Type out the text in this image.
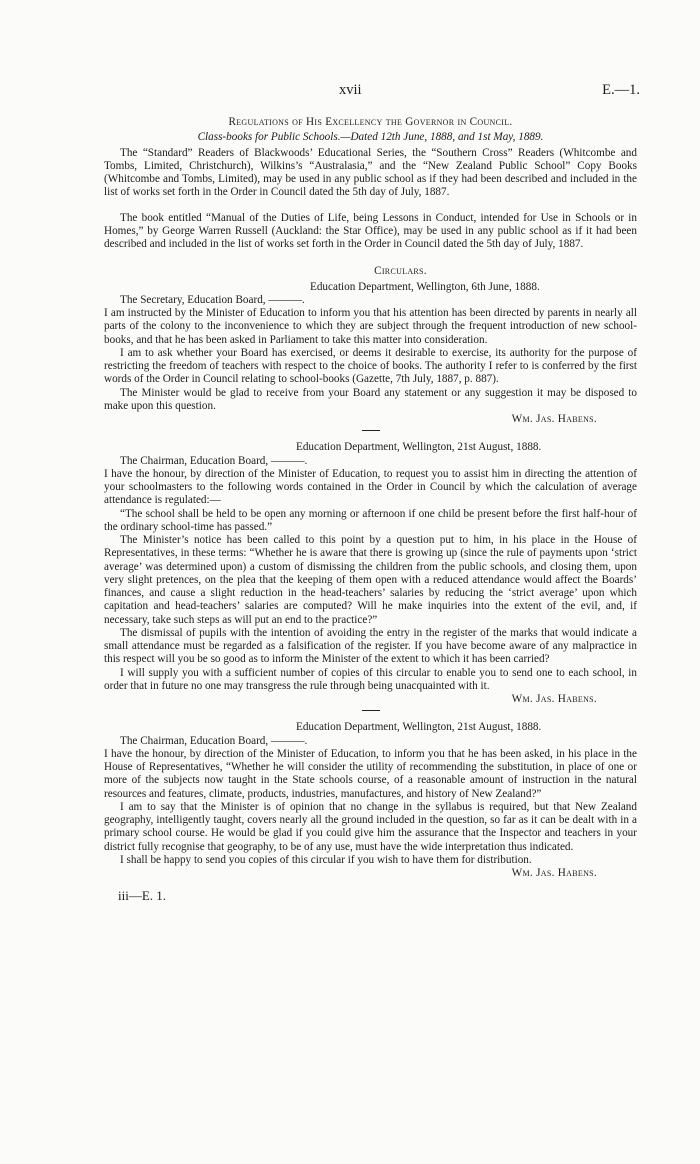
xvii	E.—1.

Regulations of His Excellency the Governor in Council.

Class-books for Public Schools.—Dated 12th June, 1888, and 1st May, 1889.

The “Standard” Readers of Blackwoods’ Educational Series, the “Southern Cross” Readers (Whitcombe and Tombs, Limited, Christchurch), Wilkins’s “Australasia,” and the “New Zealand Public School” Copy Books (Whitcombe and Tombs, Limited), may be used in any public school as if they had been described and included in the list of works set forth in the Order in Council dated the 5th day of July, 1887.

The book entitled “Manual of the Duties of Life, being Lessons in Conduct, intended for Use in Schools or in Homes,” by George Warren Russell (Auckland: the Star Office), may be used in any public school as if it had been described and included in the list of works set forth in the Order in Council dated the 5th day of July, 1887.

Circulars.

Education Department, Wellington, 6th June, 1888.

The Secretary, Education Board, ———.

I am instructed by the Minister of Education to inform you that his attention has been directed by parents in nearly all parts of the colony to the inconvenience to which they are subject through the frequent introduction of new school-books, and that he has been asked in Parliament to take this matter into consideration.

I am to ask whether your Board has exercised, or deems it desirable to exercise, its authority for the purpose of restricting the freedom of teachers with respect to the choice of books. The authority I refer to is conferred by the first words of the Order in Council relating to school-books (Gazette, 7th July, 1887, p. 887).

The Minister would be glad to receive from your Board any statement or any suggestion it may be disposed to make upon this question.

Wm. Jas. Habens.

Education Department, Wellington, 21st August, 1888.

The Chairman, Education Board, ———.

I have the honour, by direction of the Minister of Education, to request you to assist him in directing the attention of your schoolmasters to the following words contained in the Order in Council by which the calculation of average attendance is regulated:—

“The school shall be held to be open any morning or afternoon if one child be present before the first half-hour of the ordinary school-time has passed.”

The Minister’s notice has been called to this point by a question put to him, in his place in the House of Representatives, in these terms: “Whether he is aware that there is growing up (since the rule of payments upon ‘strict average’ was determined upon) a custom of dismissing the children from the public schools, and closing them, upon very slight pretences, on the plea that the keeping of them open with a reduced attendance would affect the Boards’ finances, and cause a slight reduction in the head-teachers’ salaries by reducing the ‘strict average’ upon which capitation and head-teachers’ salaries are computed? Will he make inquiries into the extent of the evil, and, if necessary, take such steps as will put an end to the practice?”

The dismissal of pupils with the intention of avoiding the entry in the register of the marks that would indicate a small attendance must be regarded as a falsification of the register. If you have become aware of any malpractice in this respect will you be so good as to inform the Minister of the extent to which it has been carried?

I will supply you with a sufficient number of copies of this circular to enable you to send one to each school, in order that in future no one may transgress the rule through being unacquainted with it.

Wm. Jas. Habens.

Education Department, Wellington, 21st August, 1888.

The Chairman, Education Board, ———.

I have the honour, by direction of the Minister of Education, to inform you that he has been asked, in his place in the House of Representatives, “Whether he will consider the utility of recommending the substitution, in place of one or more of the subjects now taught in the State schools course, of a reasonable amount of instruction in the natural resources and features, climate, products, industries, manufactures, and history of New Zealand?”

I am to say that the Minister is of opinion that no change in the syllabus is required, but that New Zealand geography, intelligently taught, covers nearly all the ground included in the question, so far as it can be dealt with in a primary school course. He would be glad if you could give him the assurance that the Inspector and teachers in your district fully recognise that geography, to be of any use, must have the wide interpretation thus indicated.

I shall be happy to send you copies of this circular if you wish to have them for distribution.

Wm. Jas. Habens.

iii—E. 1.
